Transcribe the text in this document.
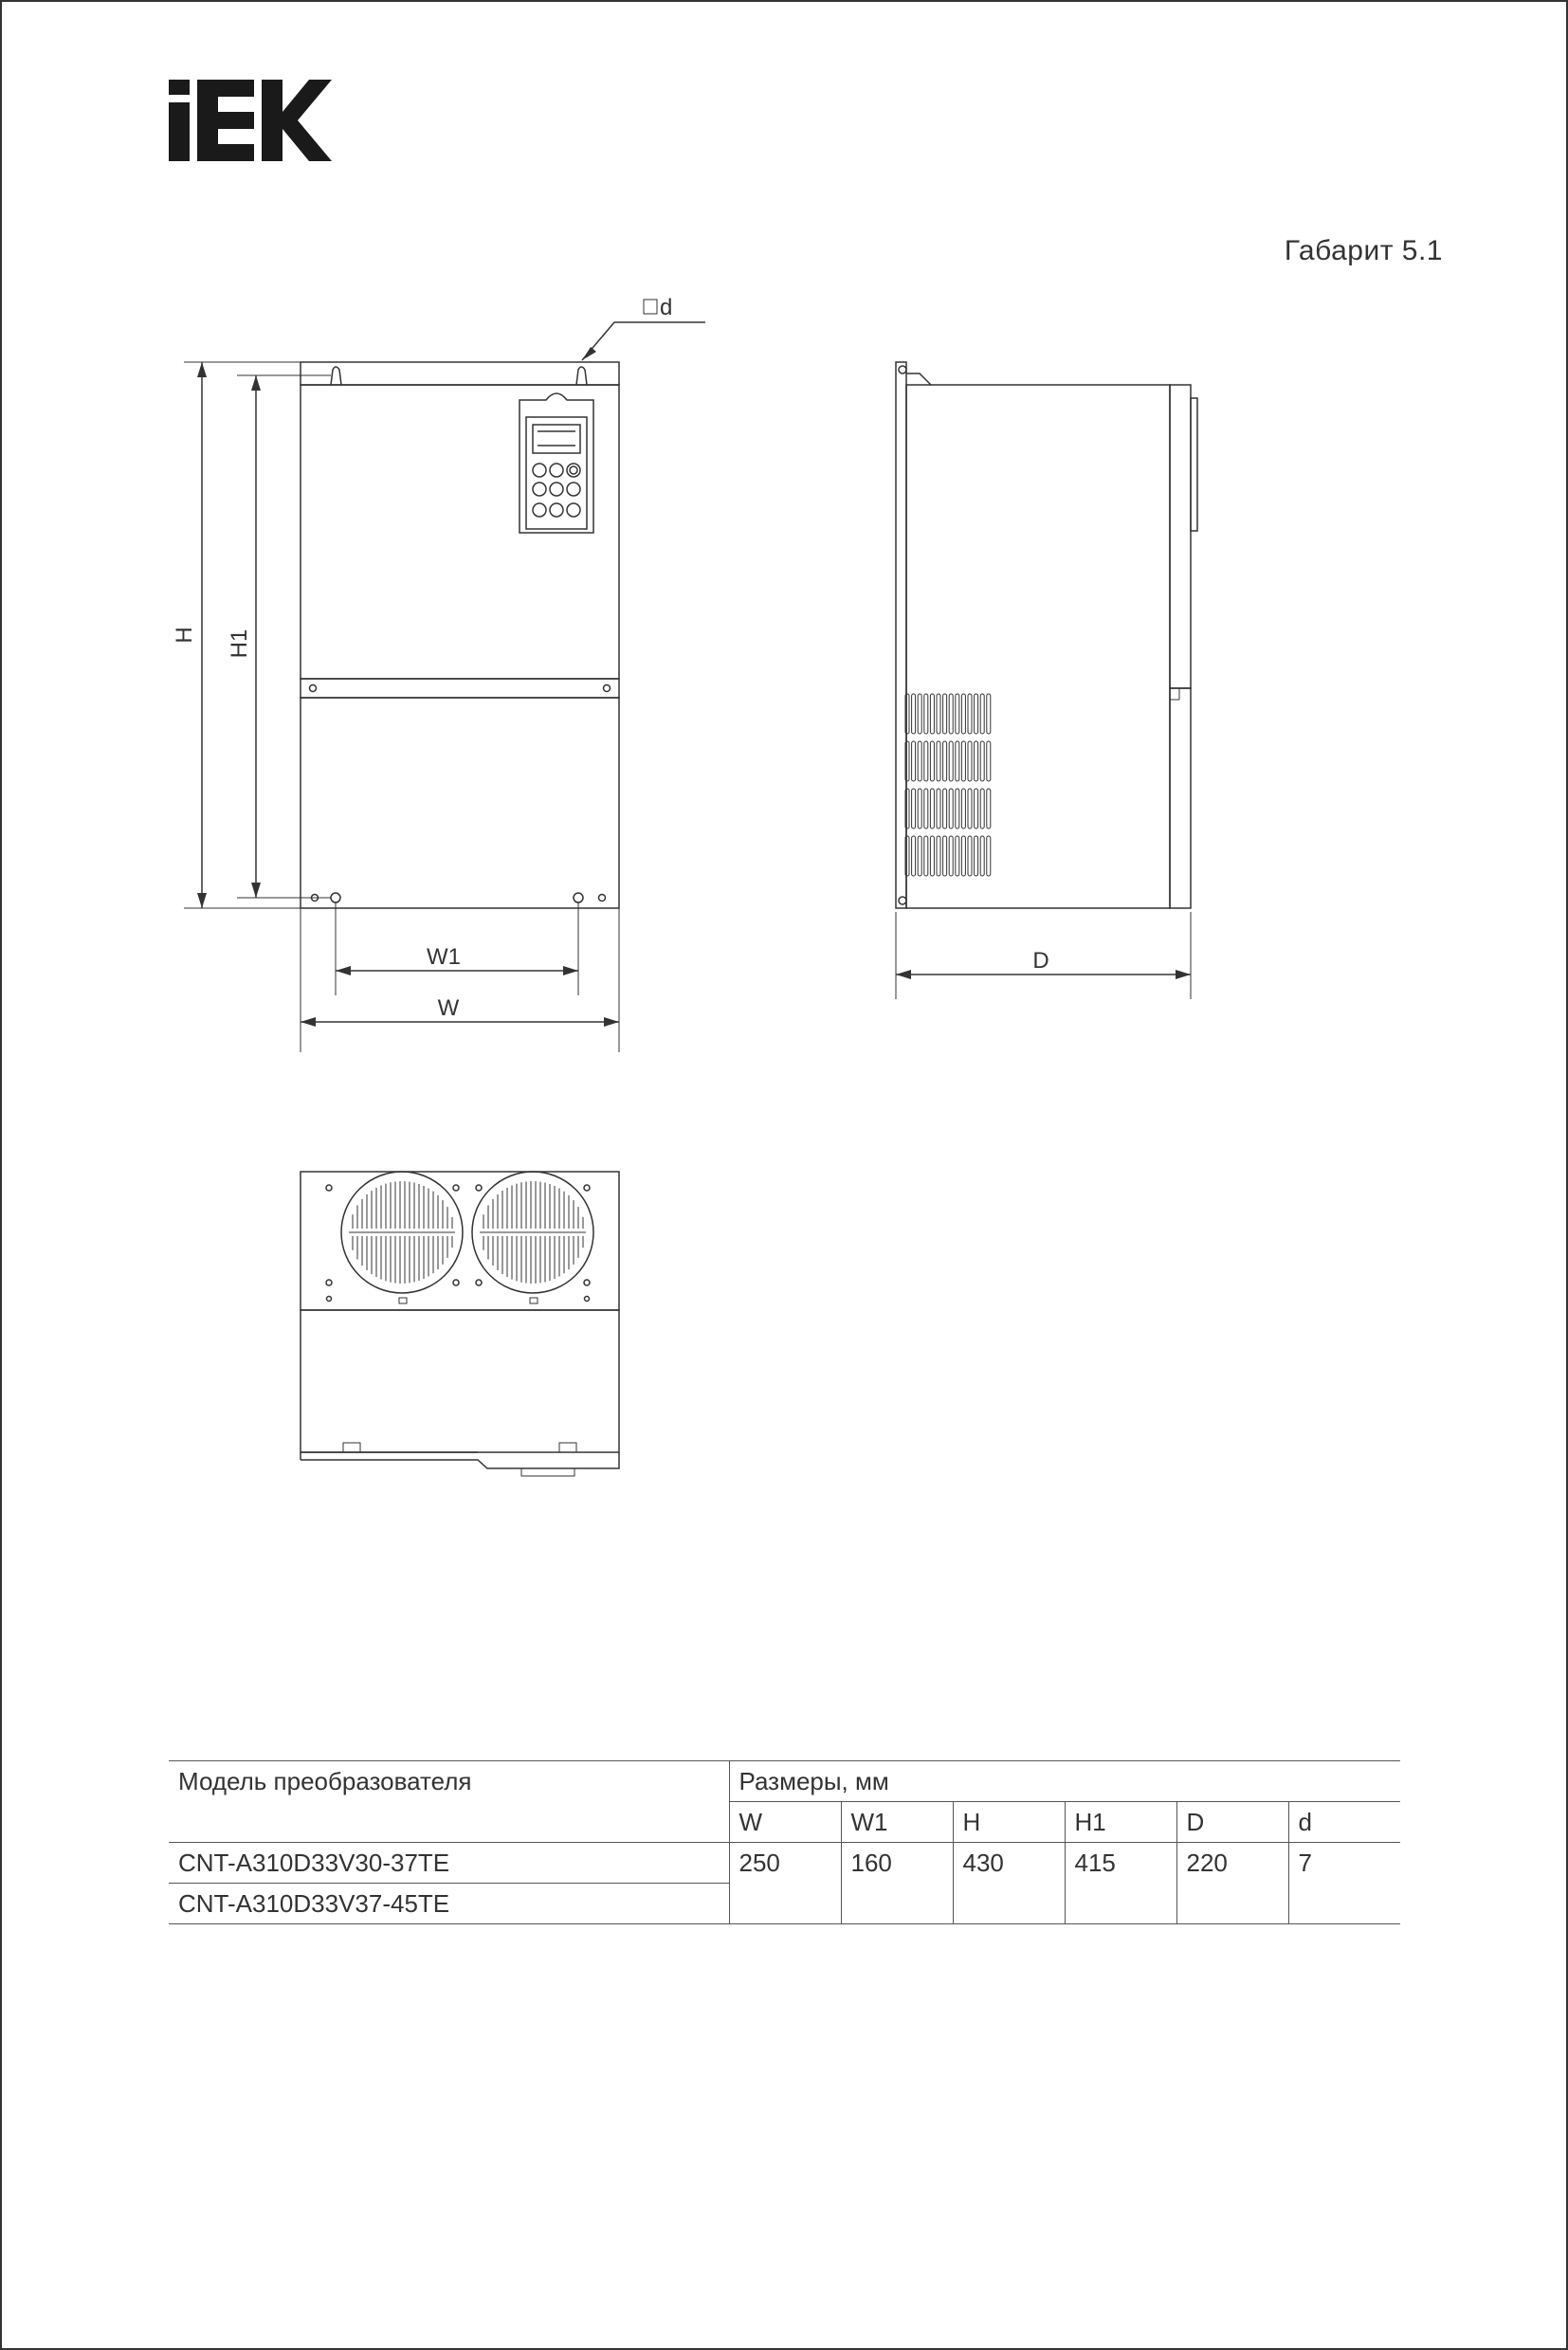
Габарит 5.1
d
H H1
W1
W
D
Модель преобразователя	Размеры, мм					
	W	W1	H	H1	D	d
CNT-A310D33V30-37TE	250	160	430	415	220	7
CNT-A310D33V37-45TE						
